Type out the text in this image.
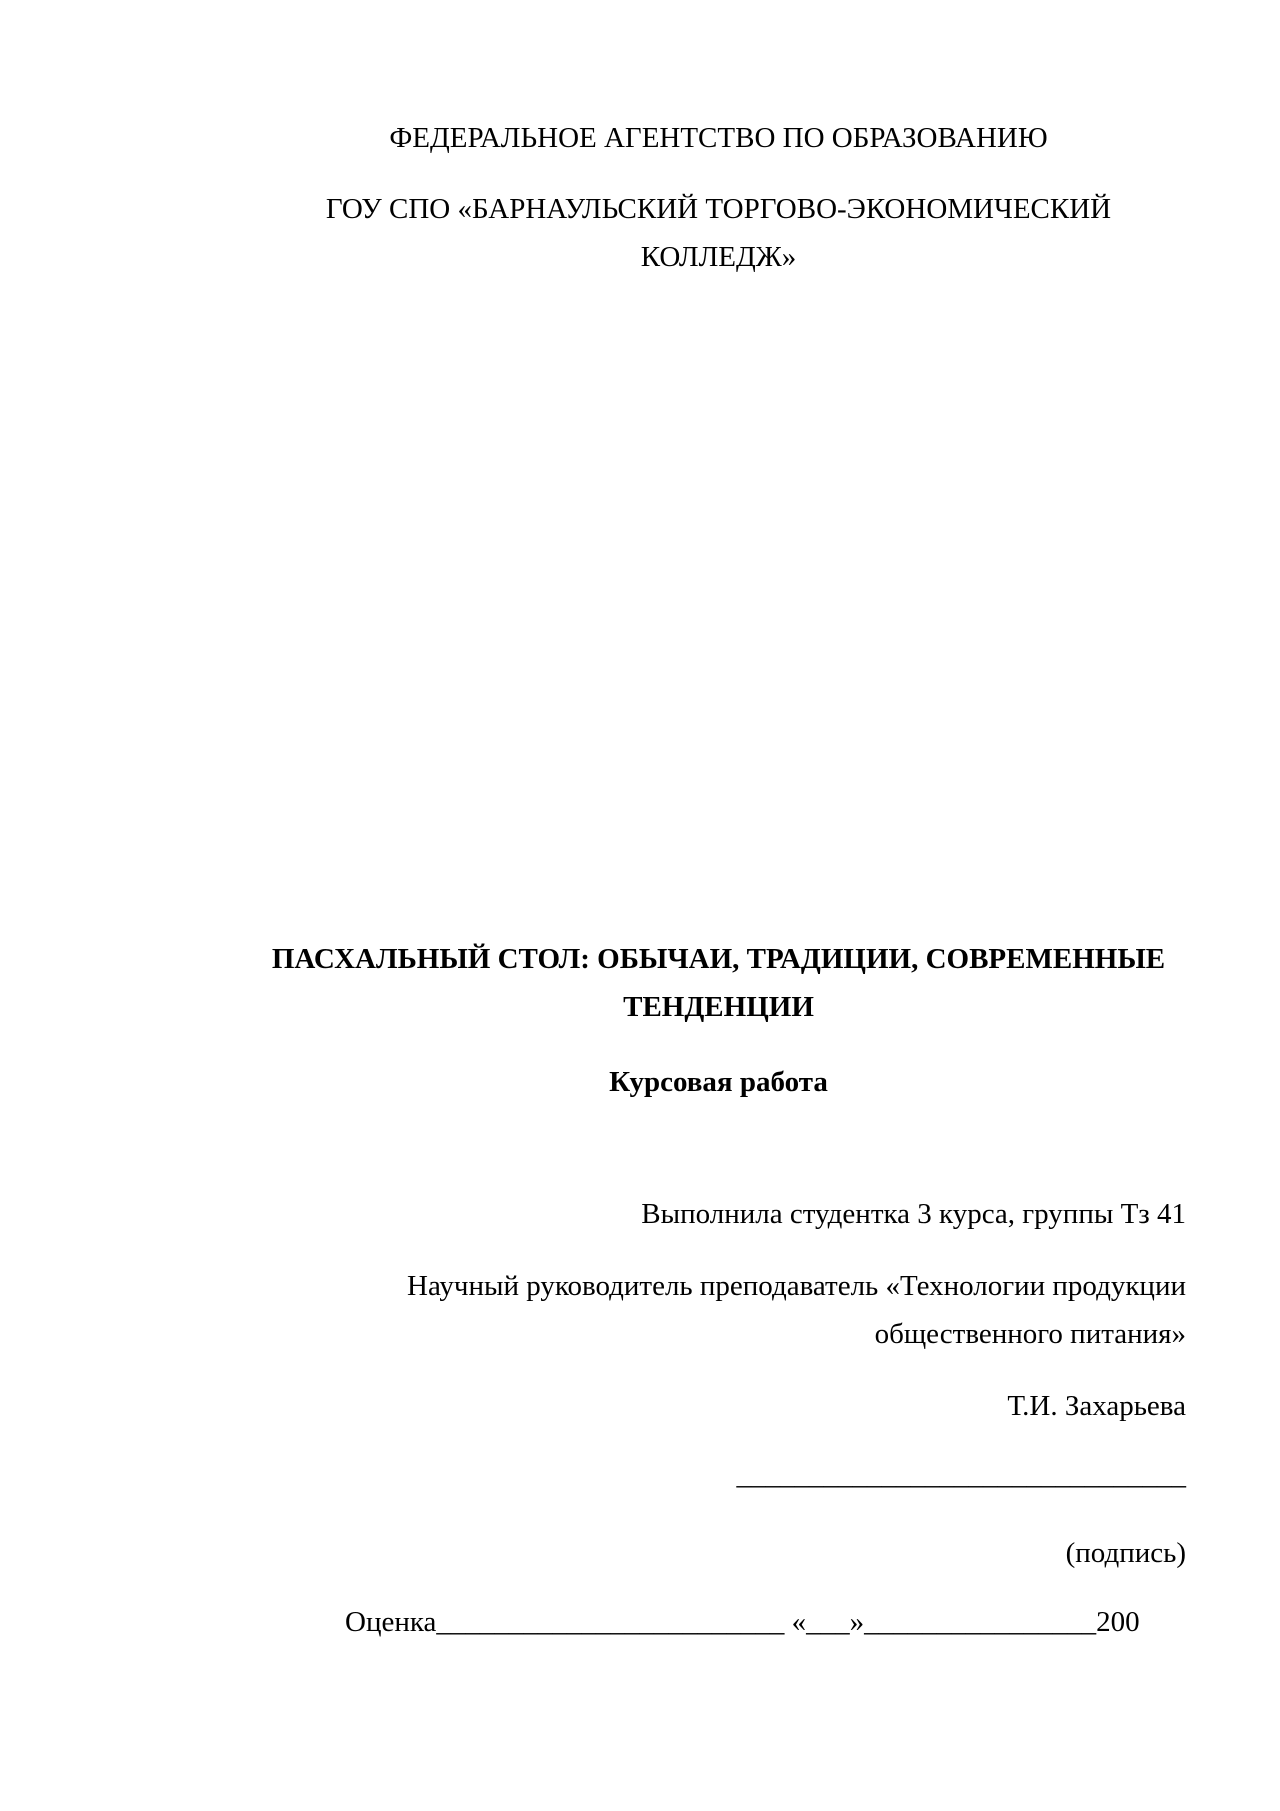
ФЕДЕРАЛЬНОЕ АГЕНТСТВО ПО ОБРАЗОВАНИЮ
ГОУ СПО «БАРНАУЛЬСКИЙ ТОРГОВО-ЭКОНОМИЧЕСКИЙ
КОЛЛЕДЖ»
ПАСХАЛЬНЫЙ СТОЛ: ОБЫЧАИ, ТРАДИЦИИ, СОВРЕМЕННЫЕ
ТЕНДЕНЦИИ
Курсовая работа
Выполнила студентка 3 курса, группы Тз 41
Научный руководитель преподаватель «Технологии продукции
общественного питания»
Т.И. Захарьева
_______________________________
(подпись)
Оценка________________________ «___»________________200
